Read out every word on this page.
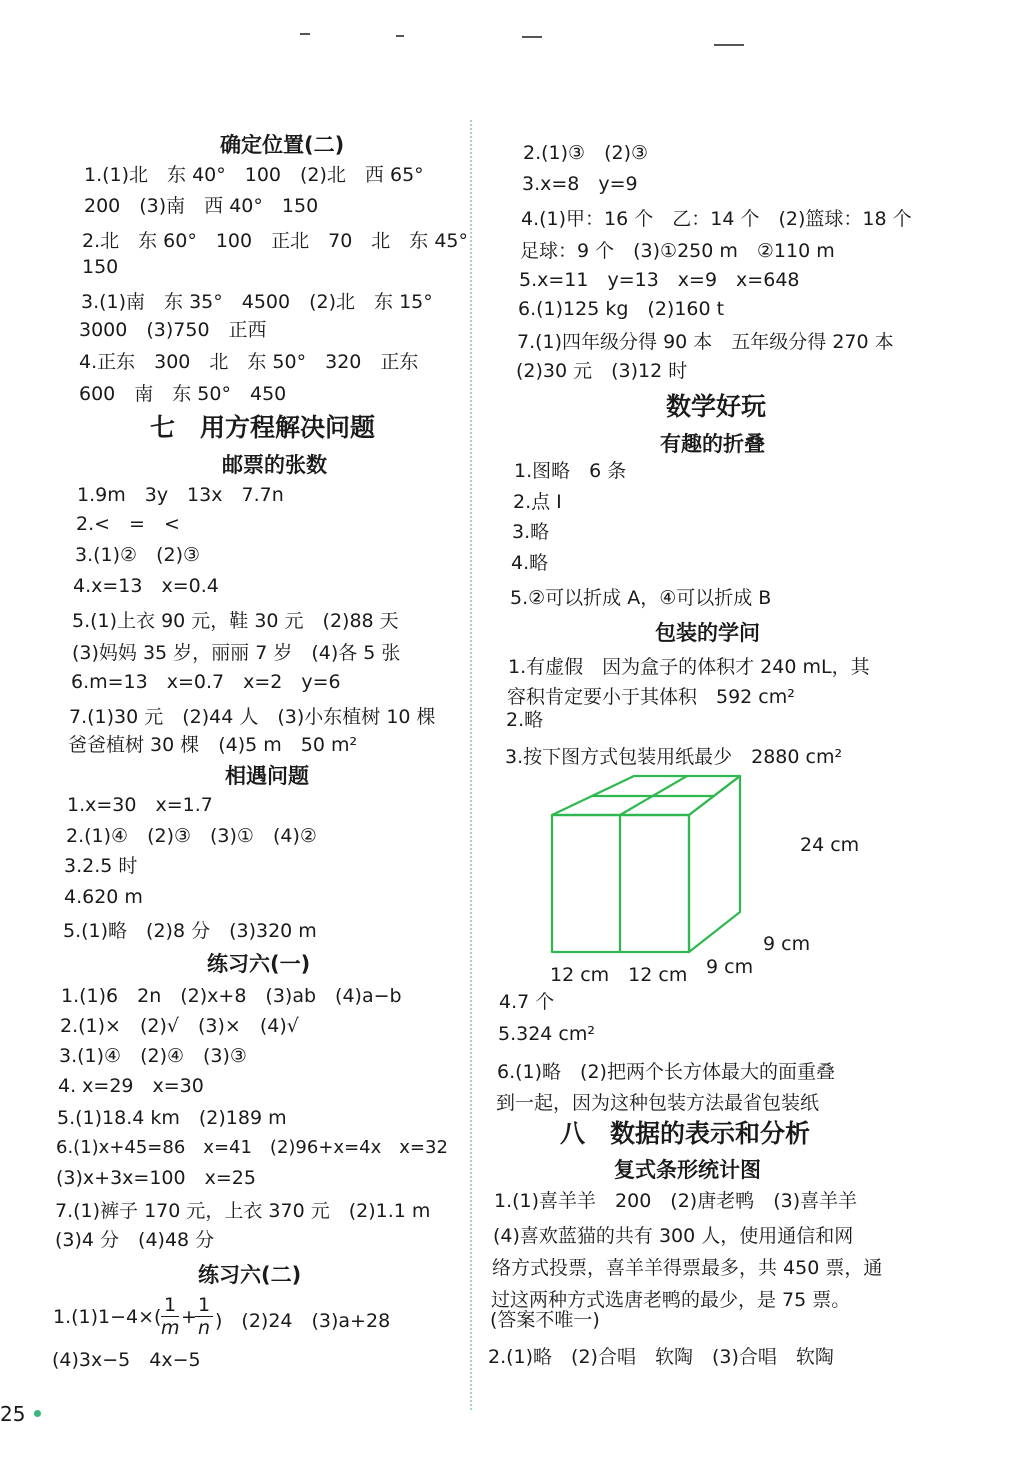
确定位置(二)
1.(1)北　东 40°　100　(2)北　西 65°
200　(3)南　西 40°　150
2.北　东 60°　100　正北　70　北　东 45°
150
3.(1)南　东 35°　4500　(2)北　东 15°
3000　(3)750　正西
4.正东　300　北　东 50°　320　正东
600　南　东 50°　450
七　用方程解决问题
邮票的张数
1.9m　3y　13x　7.7n
2.<　=　<
3.(1)②　(2)③
4.x=13　x=0.4
5.(1)上衣 90 元，鞋 30 元　(2)88 天
(3)妈妈 35 岁，丽丽 7 岁　(4)各 5 张
6.m=13　x=0.7　x=2　y=6
7.(1)30 元　(2)44 人　(3)小东植树 10 棵
爸爸植树 30 棵　(4)5 m　50 m²
相遇问题
1.x=30　x=1.7
2.(1)④　(2)③　(3)①　(4)②
3.2.5 时
4.620 m
5.(1)略　(2)8 分　(3)320 m
练习六(一)
1.(1)6　2n　(2)x+8　(3)ab　(4)a−b
2.(1)×　(2)√　(3)×　(4)√
3.(1)④　(2)④　(3)③
4. x=29　x=30
5.(1)18.4 km　(2)189 m
6.(1)x+45=86　x=41　(2)96+x=4x　x=32
(3)x+3x=100　x=25
7.(1)裤子 170 元，上衣 370 元　(2)1.1 m
(3)4 分　(4)48 分
练习六(二)
1.(1)1−4×(
1
m +
1
n )　(2)24　(3)a+28
(4)3x−5　4x−5
2.(1)③　(2)③
3.x=8　y=9
4.(1)甲：16 个　乙：14 个　(2)篮球：18 个
足球：9 个　(3)①250 m　②110 m
5.x=11　y=13　x=9　x=648
6.(1)125 kg　(2)160 t
7.(1)四年级分得 90 本　五年级分得 270 本
(2)30 元　(3)12 时
数学好玩
有趣的折叠
1.图略　6 条
2.点 I
3.略
4.略
5.②可以折成 A，④可以折成 B
包装的学问
1.有虚假　因为盒子的体积才 240 mL，其
容积肯定要小于其体积　592 cm²
2.略
3.按下图方式包装用纸最少　2880 cm²
24 cm
9 cm
9 cm
12 cm　12 cm
4.7 个
5.324 cm²
6.(1)略　(2)把两个长方体最大的面重叠
到一起，因为这种包装方法最省包装纸
八　数据的表示和分析
复式条形统计图
1.(1)喜羊羊　200　(2)唐老鸭　(3)喜羊羊
(4)喜欢蓝猫的共有 300 人，使用通信和网
络方式投票，喜羊羊得票最多，共 450 票，通
过这两种方式选唐老鸭的最少，是 75 票。
(答案不唯一)
2.(1)略　(2)合唱　软陶　(3)合唱　软陶
25
